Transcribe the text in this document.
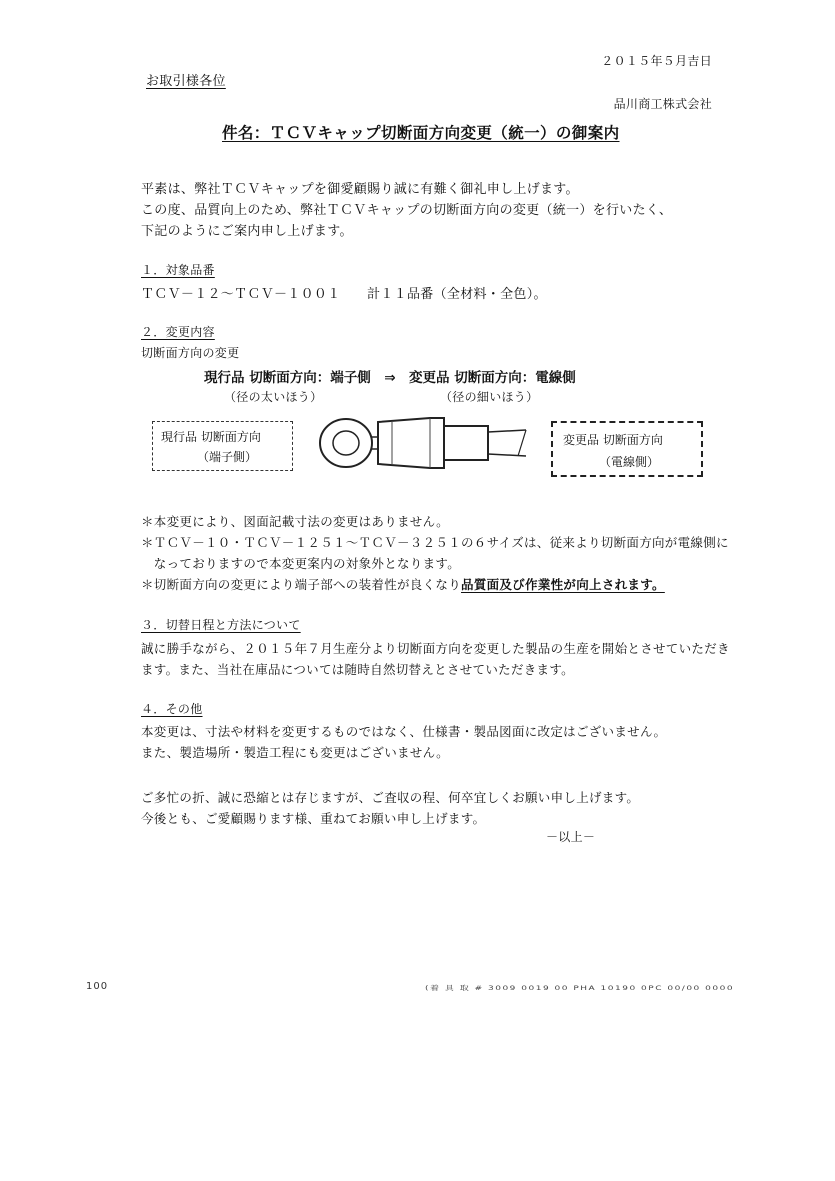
２０１５年５月吉日
お取引様各位
品川商工株式会社
件名：ＴＣＶキャップ切断面方向変更（統一）の御案内
平素は、弊社ＴＣＶキャップを御愛顧賜り誠に有難く御礼申し上げます。
この度、品質向上のため、弊社ＴＣＶキャップの切断面方向の変更（統一）を行いたく、
下記のようにご案内申し上げます。
１．対象品番
ＴＣＶ－１２～ＴＣＶ－１００１　　計１１品番（全材料・全色）。
２．変更内容
切断面方向の変更
現行品 切断面方向：端子側　⇒　変更品 切断面方向：電線側
（径の太いほう）	（径の細いほう）
現行品 切断面方向
（端子側）
変更品 切断面方向
（電線側）
＊本変更により、図面記載寸法の変更はありません。
＊ＴＣＶ－１０・ＴＣＶ－１２５１～ＴＣＶ－３２５１の６サイズは、従来より切断面方向が電線側に
　なっておりますので本変更案内の対象外となります。
＊切断面方向の変更により端子部への装着性が良くなり品質面及び作業性が向上されます。
３．切替日程と方法について
誠に勝手ながら、２０１５年７月生産分より切断面方向を変更した製品の生産を開始とさせていただき
ます。また、当社在庫品については随時自然切替えとさせていただきます。
４．その他
本変更は、寸法や材料を変更するものではなく、仕様書・製品図面に改定はございません。
また、製造場所・製造工程にも変更はございません。
ご多忙の折、誠に恐縮とは存じますが、ご査収の程、何卒宜しくお願い申し上げます。
今後とも、ご愛顧賜ります様、重ねてお願い申し上げます。
－以上－
100	(着 具 取 # 3009 0019 00 PHA 10190 0PC 00/00 0000
